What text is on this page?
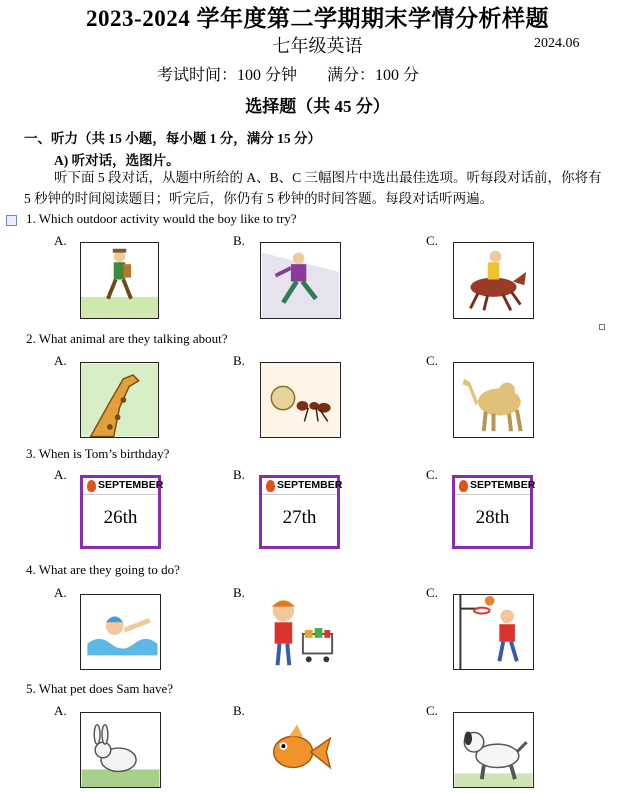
2023-2024 学年度第二学期期末学情分析样题
七年级英语	2024.06
考试时间：100 分钟 满分：100 分
选择题（共 45 分）
一、听力（共 15 小题，每小题 1 分，满分 15 分）
A) 听对话，选图片。
听下面 5 段对话，从题中所给的 A、B、C 三幅图片中选出最佳选项。听每段对话前，你将有 5 秒钟的时间阅读题目；听完后，你仍有 5 秒钟的时间答题。每段对话听两遍。
1. Which outdoor activity would the boy like to try?
A.	B.	C.
2. What animal are they talking about?
A.	B.	C.
3. When is Tom’s birthday?
A.	B.	C.
SEPTEMBER
26th
SEPTEMBER
27th
SEPTEMBER
28th
4. What are they going to do?
A.	B.	C.
5. What pet does Sam have?
A.	B.	C.
